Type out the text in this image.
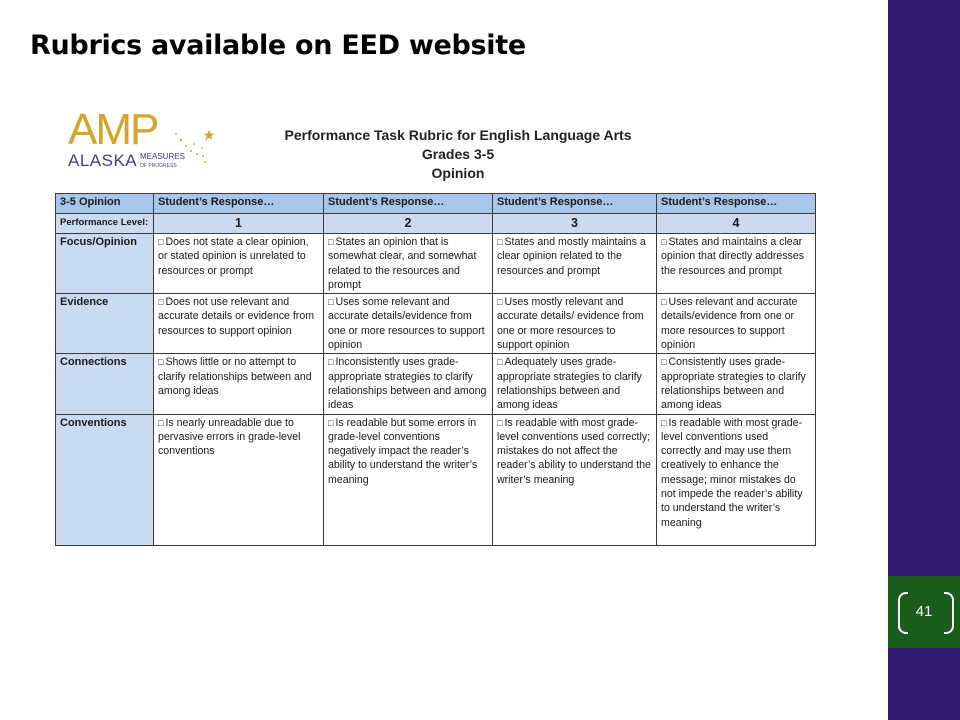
Rubrics available on EED website
41
AMP
ALASKA MEASURES
OF PROGRESS
Performance Task Rubric for English Language Arts
Grades 3-5
Opinion
3-5 Opinion	Student’s Response…	Student’s Response…	Student’s Response…	Student’s Response…
Performance Level:	1	2	3	4
Focus/Opinion	□ Does not state a clear opinion, or stated opinion is unrelated to resources or prompt	□ States an opinion that is somewhat clear, and somewhat related to the resources and prompt	□ States and mostly maintains a clear opinion related to the resources and prompt	□ States and maintains a clear opinion that directly addresses the resources and prompt
Evidence	□ Does not use relevant and accurate details or evidence from resources to support opinion	□ Uses some relevant and accurate details/evidence from one or more resources to support opinion	□ Uses mostly relevant and accurate details/ evidence from one or more resources to support opinion	□ Uses relevant and accurate details/evidence from one or more resources to support opinion
Connections	□ Shows little or no attempt to clarify relationships between and among ideas	□ Inconsistently uses grade-appropriate strategies to clarify relationships between and among ideas	□ Adequately uses grade-appropriate strategies to clarify relationships between and among ideas	□ Consistently uses grade-appropriate strategies to clarify relationships between and among ideas
Conventions	□ Is nearly unreadable due to pervasive errors in grade-level conventions	□ Is readable but some errors in grade-level conventions negatively impact the reader’s ability to understand the writer’s meaning	□ Is readable with most grade-level conventions used correctly; mistakes do not affect the reader’s ability to understand the writer’s meaning	□ Is readable with most grade-level conventions used correctly and may use them creatively to enhance the message; minor mistakes do not impede the reader’s ability to understand the writer’s meaning
